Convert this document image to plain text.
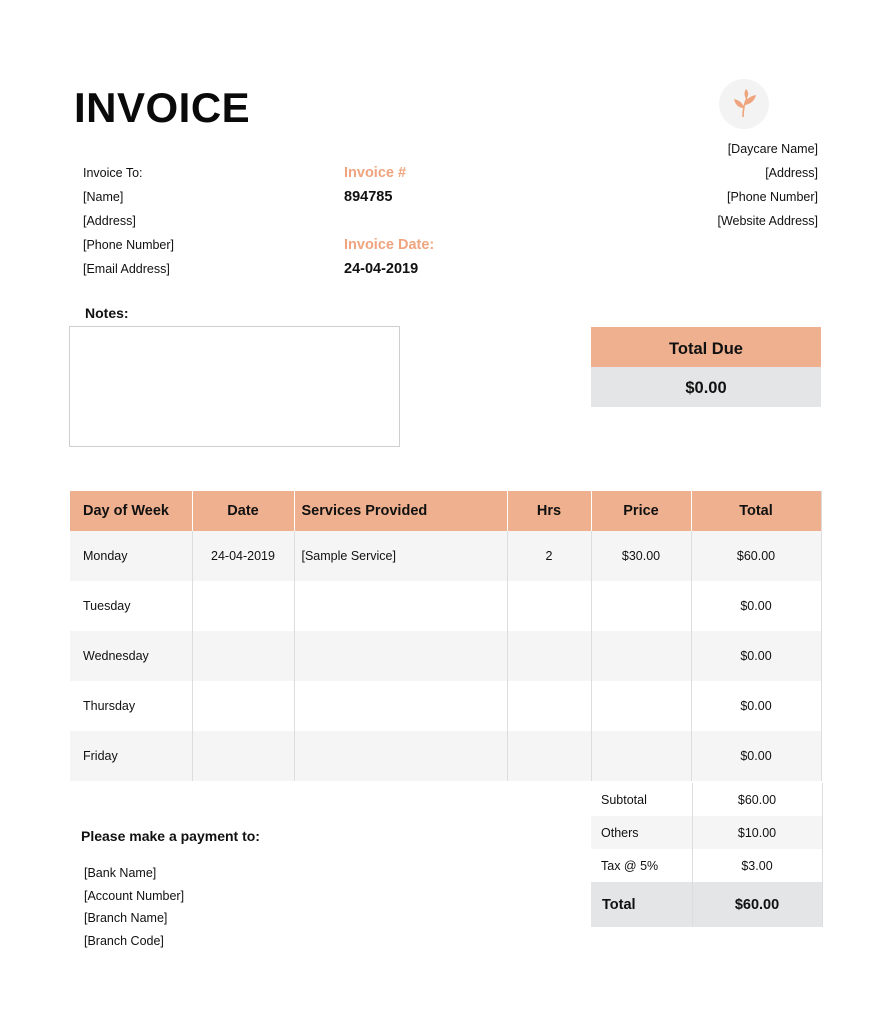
INVOICE
Invoice To:
[Name]
[Address]
[Phone Number]
[Email Address]
Invoice #
894785
Invoice Date:
24-04-2019
[Daycare Name]
[Address]
[Phone Number]
[Website Address]
Notes:
Total Due
$0.00
Day of Week	Date	Services Provided	Hrs	Price	Total
Monday	24-04-2019	[Sample Service]	2	$30.00	$60.00
Tuesday					$0.00
Wednesday					$0.00
Thursday					$0.00
Friday					$0.00
Subtotal	$60.00
Others	$10.00
Tax @ 5%	$3.00
Total	$60.00
Please make a payment to:
[Bank Name]
[Account Number]
[Branch Name]
[Branch Code]
